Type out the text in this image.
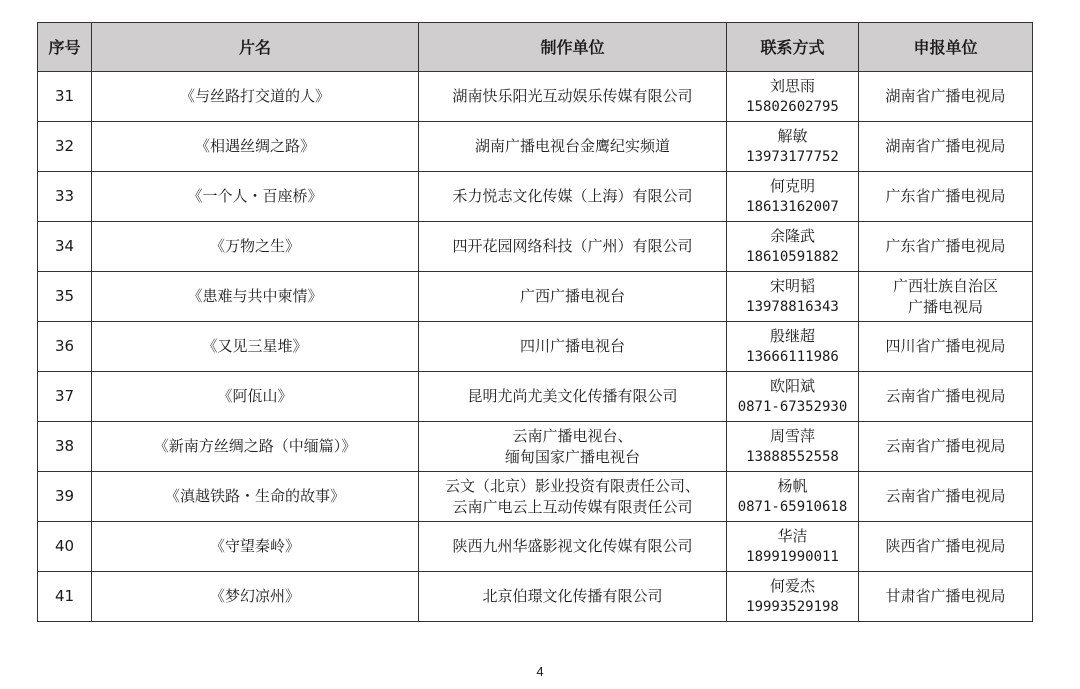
序号	片名	制作单位	联系方式	申报单位
31	《与丝路打交道的人》	湖南快乐阳光互动娱乐传媒有限公司	刘思雨
15802602795	湖南省广播电视局

32	《相遇丝绸之路》	湖南广播电视台金鹰纪实频道	解敏
13973177752	湖南省广播电视局

33	《一个人・百座桥》	禾力悦志文化传媒（上海）有限公司	何克明
18613162007	广东省广播电视局

34	《万物之生》	四开花园网络科技（广州）有限公司	余隆武
18610591882	广东省广播电视局

35	《患难与共中柬情》	广西广播电视台	宋明韬
13978816343	广西壮族自治区
广播电视局

36	《又见三星堆》	四川广播电视台	殷继超
13666111986	四川省广播电视局

37	《阿佤山》	昆明尤尚尤美文化传播有限公司	欧阳斌
0871-67352930	云南省广播电视局

38	《新南方丝绸之路（中缅篇）》	云南广播电视台、
缅甸国家广播电视台	周雪萍
13888552558	云南省广播电视局

39	《滇越铁路・生命的故事》	云文（北京）影业投资有限责任公司、
云南广电云上互动传媒有限责任公司	杨帆
0871-65910618	云南省广播电视局

40	《守望秦岭》	陕西九州华盛影视文化传媒有限公司	华洁
18991990011	陕西省广播电视局

41	《梦幻凉州》	北京伯璟文化传播有限公司	何爱杰
19993529198	甘肃省广播电视局
4
